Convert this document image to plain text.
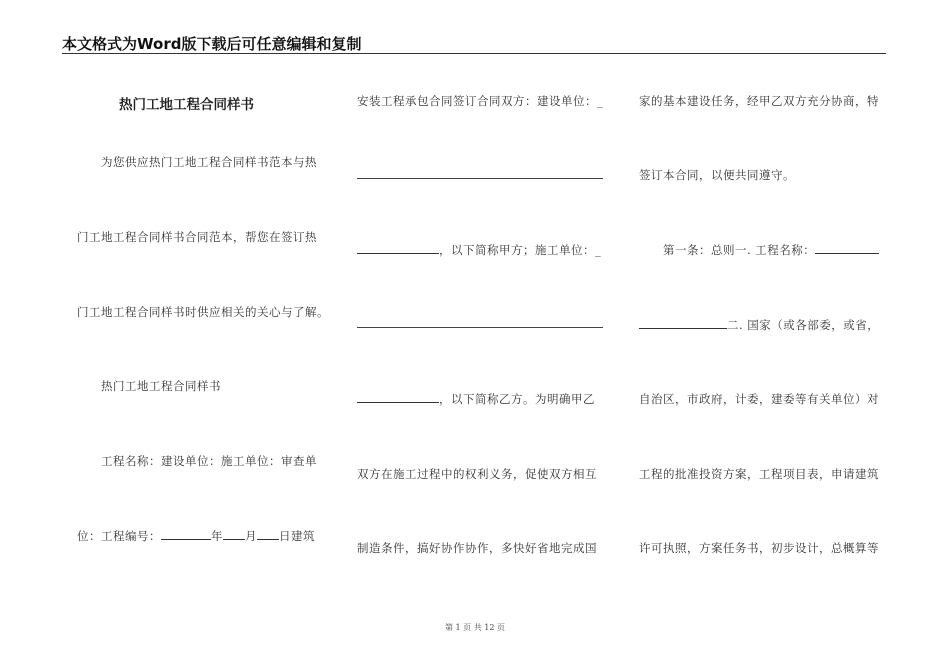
本文格式为Word版下载后可任意编辑和复制
热门工地工程合同样书
为您供应热门工地工程合同样书范本与热
门工地工程合同样书合同范本，帮您在签订热
门工地工程合同样书时供应相关的关心与了解。
热门工地工程合同样书
工程名称：建设单位：施工单位：审查单
位：工程编号：	年 月 日建筑
安装工程承包合同签订合同双方：建设单位：_
，以下简称甲方；施工单位：_
，以下简称乙方。为明确甲乙
双方在施工过程中的权利义务，促使双方相互
制造条件，搞好协作协作，多快好省地完成国
家的基本建设任务，经甲乙双方充分协商，特
签订本合同，以便共同遵守。
第一条：总则一. 工程名称：
二. 国家（或各部委，或省，
自治区，市政府，计委，建委等有关单位）对
工程的批准投资方案，工程项目表，申请建筑
许可执照，方案任务书，初步设计，总概算等
第 1 页 共 12 页
